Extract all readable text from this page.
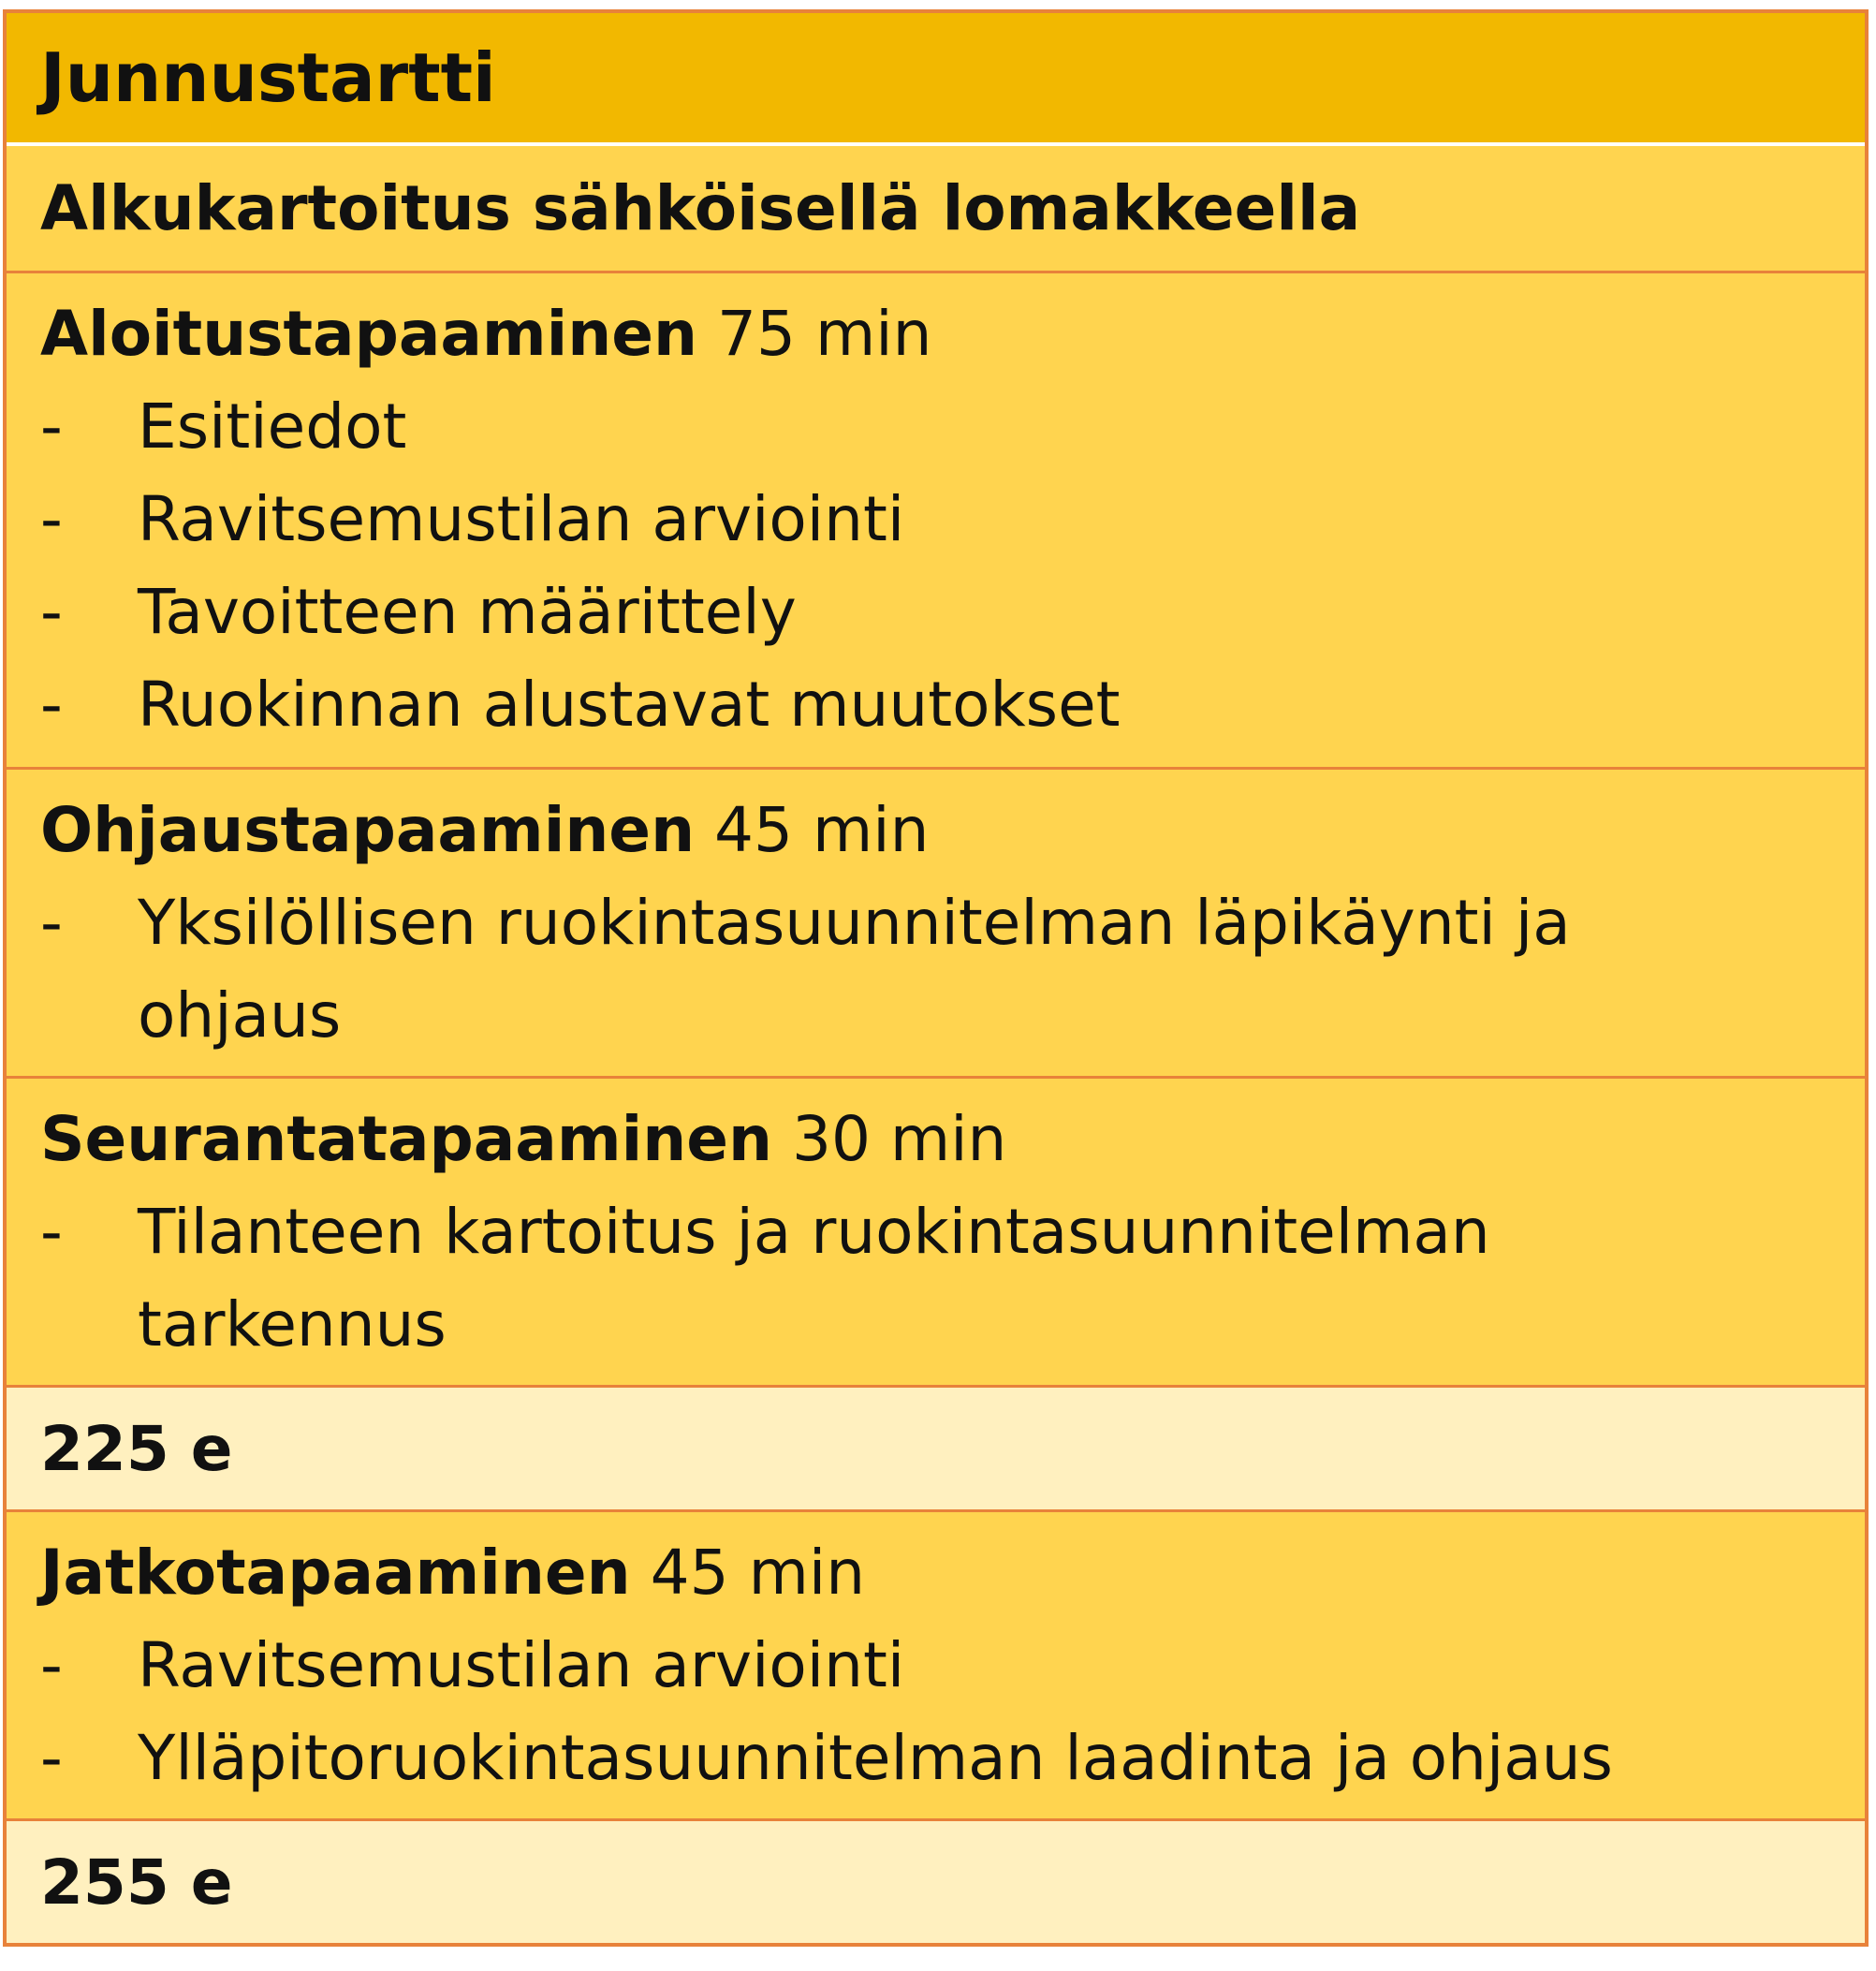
Junnustartti
Alkukartoitus sähköisellä lomakkeella
Aloitustapaaminen 75 min
-	Esitiedot
-	Ravitsemustilan arviointi
-	Tavoitteen määrittely
-	Ruokinnan alustavat muutokset
Ohjaustapaaminen 45 min
-	Yksilöllisen ruokintasuunnitelman läpikäynti ja ohjaus
Seurantatapaaminen 30 min
-	Tilanteen kartoitus ja ruokintasuunnitelman tarkennus
225 e
Jatkotapaaminen 45 min
-	Ravitsemustilan arviointi
-	Ylläpitoruokintasuunnitelman laadinta ja ohjaus
255 e
